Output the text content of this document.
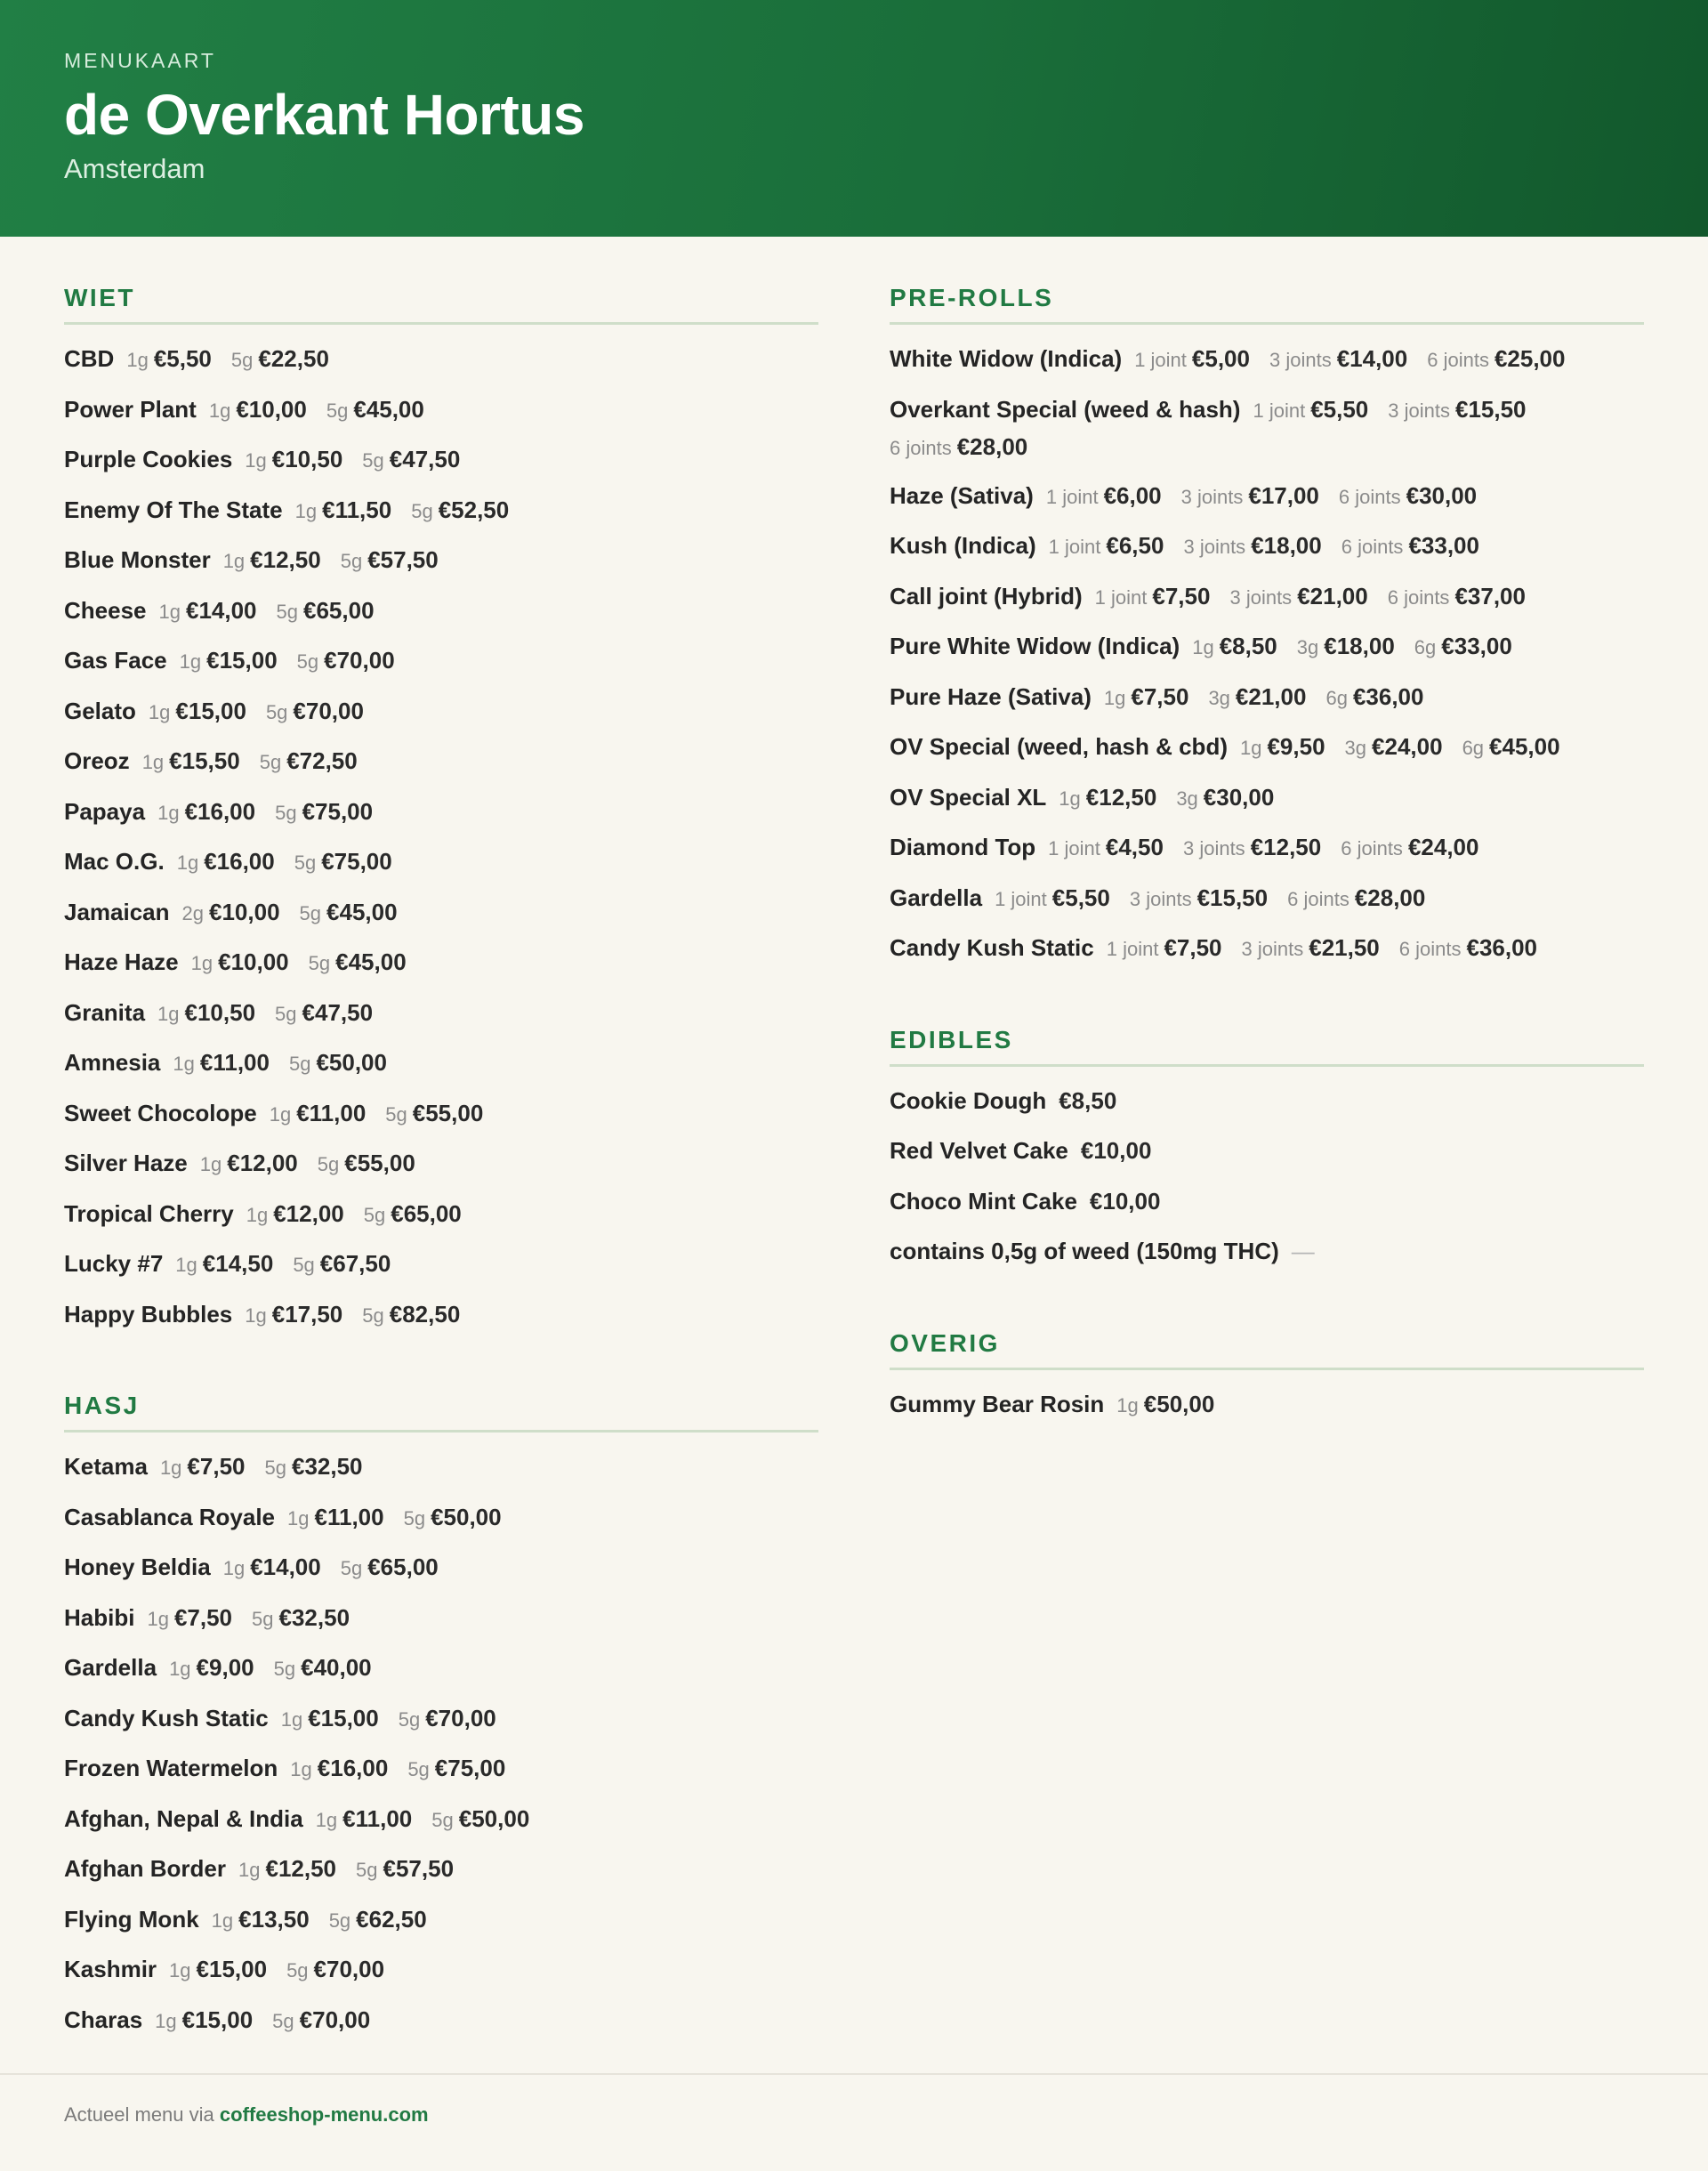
MENUKAART
de Overkant Hortus
Amsterdam
WIET
CBD 1g €5,50 5g €22,50
Power Plant 1g €10,00 5g €45,00
Purple Cookies 1g €10,50 5g €47,50
Enemy Of The State 1g €11,50 5g €52,50
Blue Monster 1g €12,50 5g €57,50
Cheese 1g €14,00 5g €65,00
Gas Face 1g €15,00 5g €70,00
Gelato 1g €15,00 5g €70,00
Oreoz 1g €15,50 5g €72,50
Papaya 1g €16,00 5g €75,00
Mac O.G. 1g €16,00 5g €75,00
Jamaican 2g €10,00 5g €45,00
Haze Haze 1g €10,00 5g €45,00
Granita 1g €10,50 5g €47,50
Amnesia 1g €11,00 5g €50,00
Sweet Chocolope 1g €11,00 5g €55,00
Silver Haze 1g €12,00 5g €55,00
Tropical Cherry 1g €12,00 5g €65,00
Lucky #7 1g €14,50 5g €67,50
Happy Bubbles 1g €17,50 5g €82,50
HASJ
Ketama 1g €7,50 5g €32,50
Casablanca Royale 1g €11,00 5g €50,00
Honey Beldia 1g €14,00 5g €65,00
Habibi 1g €7,50 5g €32,50
Gardella 1g €9,00 5g €40,00
Candy Kush Static 1g €15,00 5g €70,00
Frozen Watermelon 1g €16,00 5g €75,00
Afghan, Nepal & India 1g €11,00 5g €50,00
Afghan Border 1g €12,50 5g €57,50
Flying Monk 1g €13,50 5g €62,50
Kashmir 1g €15,00 5g €70,00
Charas 1g €15,00 5g €70,00
PRE-ROLLS
White Widow (Indica) 1 joint €5,00 3 joints €14,00 6 joints €25,00
Overkant Special (weed & hash) 1 joint €5,50 3 joints €15,506 joints €28,00
Haze (Sativa) 1 joint €6,00 3 joints €17,00 6 joints €30,00
Kush (Indica) 1 joint €6,50 3 joints €18,00 6 joints €33,00
Call joint (Hybrid) 1 joint €7,50 3 joints €21,00 6 joints €37,00
Pure White Widow (Indica) 1g €8,50 3g €18,00 6g €33,00
Pure Haze (Sativa) 1g €7,50 3g €21,00 6g €36,00
OV Special (weed, hash & cbd) 1g €9,50 3g €24,00 6g €45,00
OV Special XL 1g €12,50 3g €30,00
Diamond Top 1 joint €4,50 3 joints €12,50 6 joints €24,00
Gardella 1 joint €5,50 3 joints €15,50 6 joints €28,00
Candy Kush Static 1 joint €7,50 3 joints €21,50 6 joints €36,00
EDIBLES
Cookie Dough €8,50
Red Velvet Cake €10,00
Choco Mint Cake €10,00
contains 0,5g of weed (150mg THC) —
OVERIG
Gummy Bear Rosin 1g €50,00
Actueel menu via coffeeshop-menu.com
